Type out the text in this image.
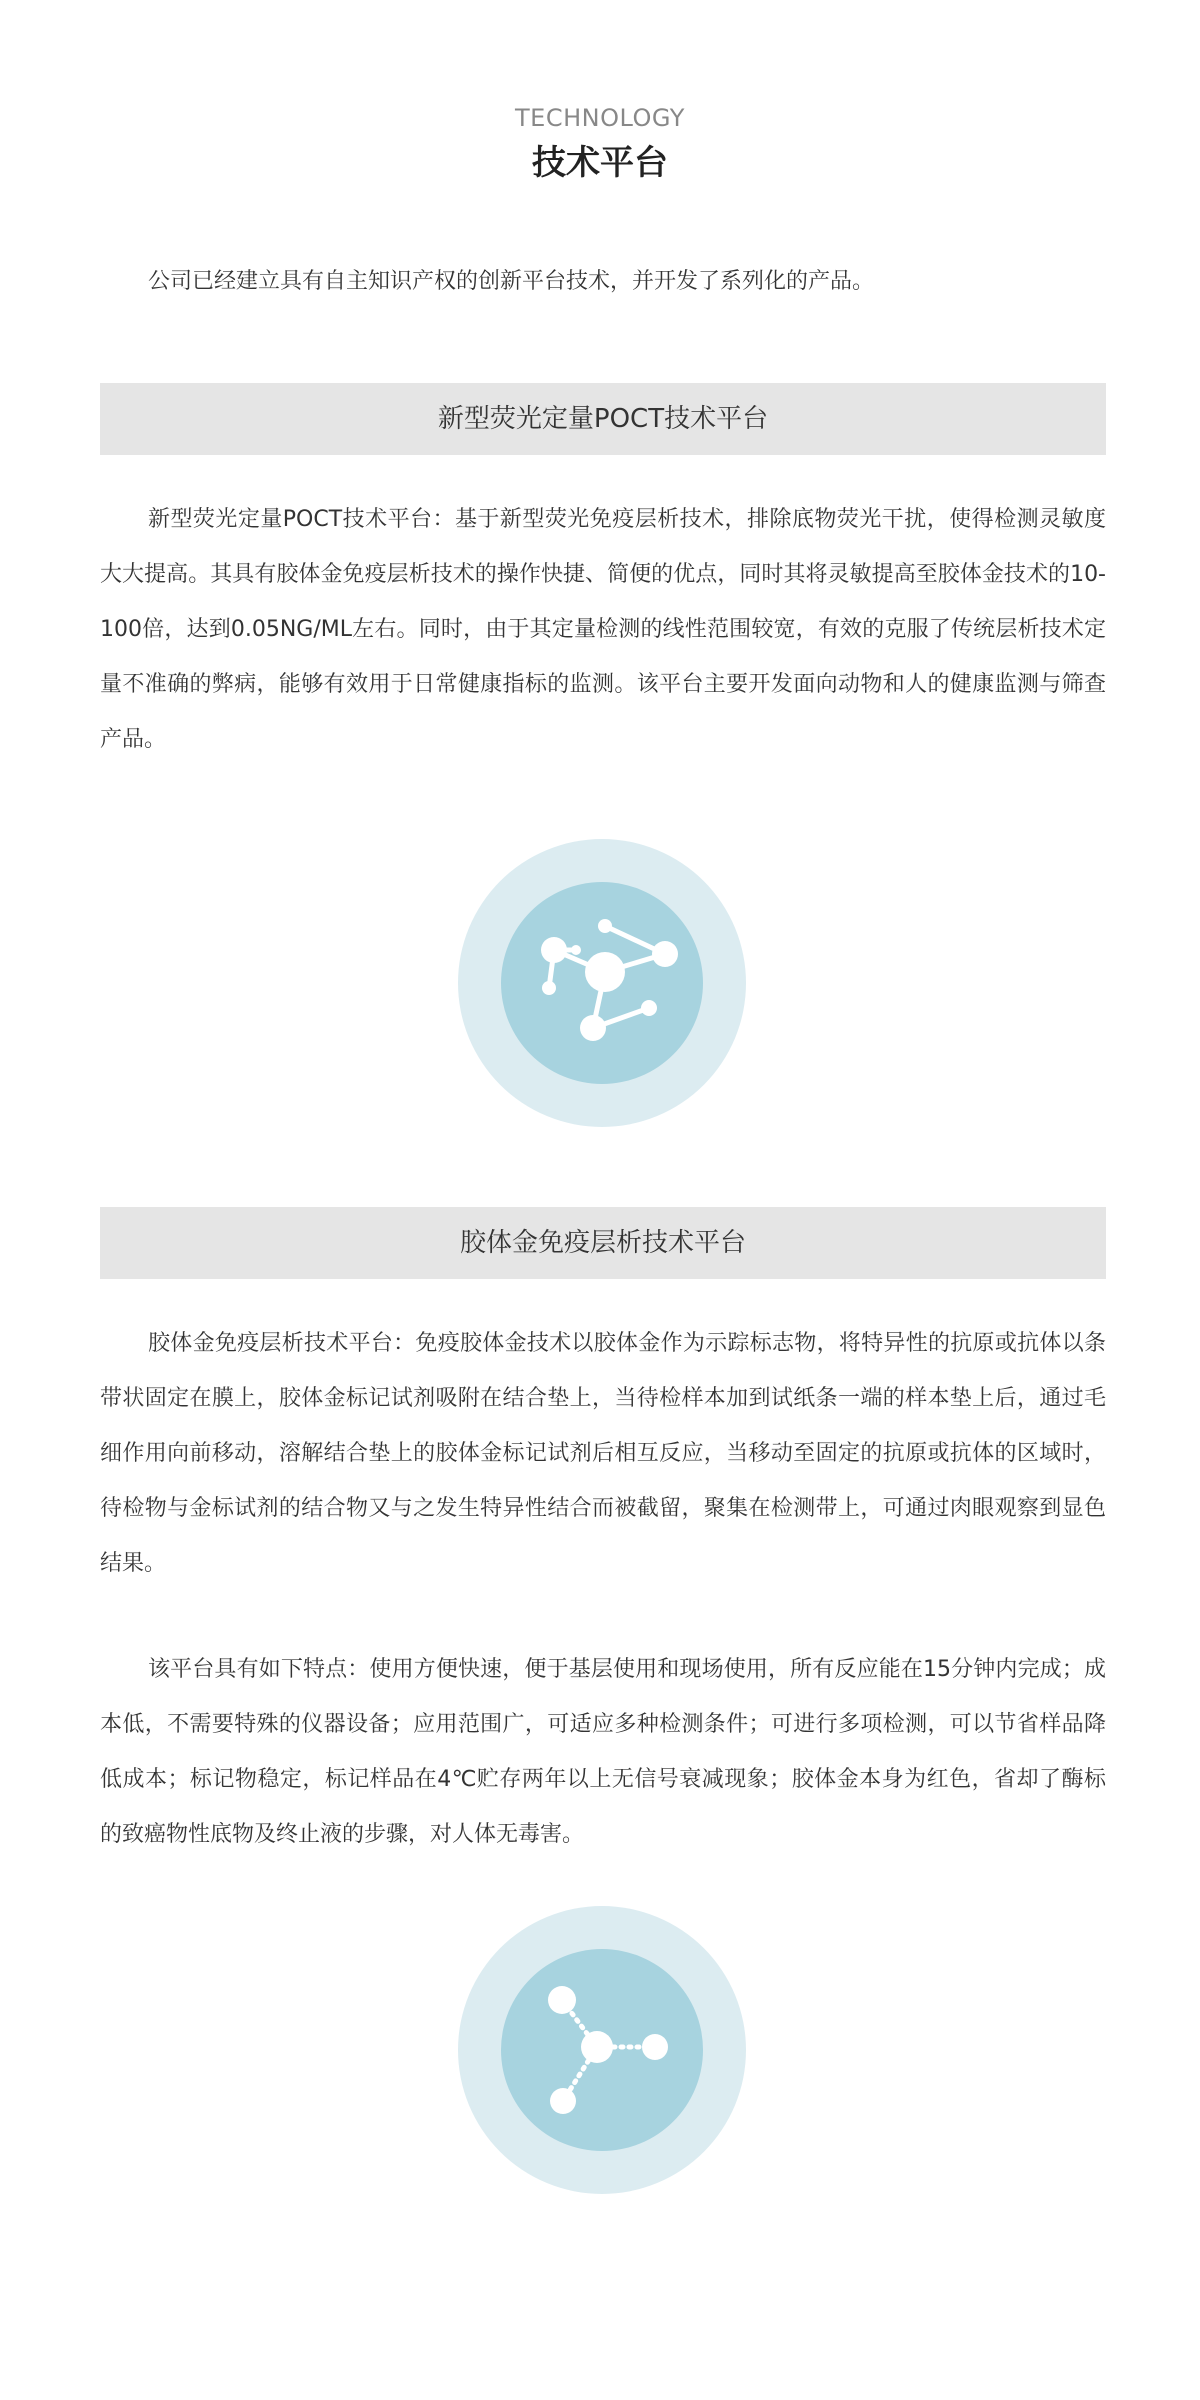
TECHNOLOGY
技术平台
公司已经建立具有自主知识产权的创新平台技术，并开发了系列化的产品。
新型荧光定量POCT技术平台
新型荧光定量POCT技术平台：基于新型荧光免疫层析技术，排除底物荧光干扰，使得检测灵敏度大大提高。其具有胶体金免疫层析技术的操作快捷、简便的优点，同时其将灵敏提高至胶体金技术的10-100倍，达到0.05NG/ML左右。同时，由于其定量检测的线性范围较宽，有效的克服了传统层析技术定量不准确的弊病，能够有效用于日常健康指标的监测。该平台主要开发面向动物和人的健康监测与筛查产品。
胶体金免疫层析技术平台
胶体金免疫层析技术平台：免疫胶体金技术以胶体金作为示踪标志物，将特异性的抗原或抗体以条带状固定在膜上，胶体金标记试剂吸附在结合垫上，当待检样本加到试纸条一端的样本垫上后，通过毛细作用向前移动，溶解结合垫上的胶体金标记试剂后相互反应，当移动至固定的抗原或抗体的区域时，待检物与金标试剂的结合物又与之发生特异性结合而被截留，聚集在检测带上，可通过肉眼观察到显色结果。
该平台具有如下特点：使用方便快速，便于基层使用和现场使用，所有反应能在15分钟内完成；成本低，不需要特殊的仪器设备；应用范围广，可适应多种检测条件；可进行多项检测，可以节省样品降低成本；标记物稳定，标记样品在4℃贮存两年以上无信号衰减现象；胶体金本身为红色，省却了酶标的致癌物性底物及终止液的步骤，对人体无毒害。
